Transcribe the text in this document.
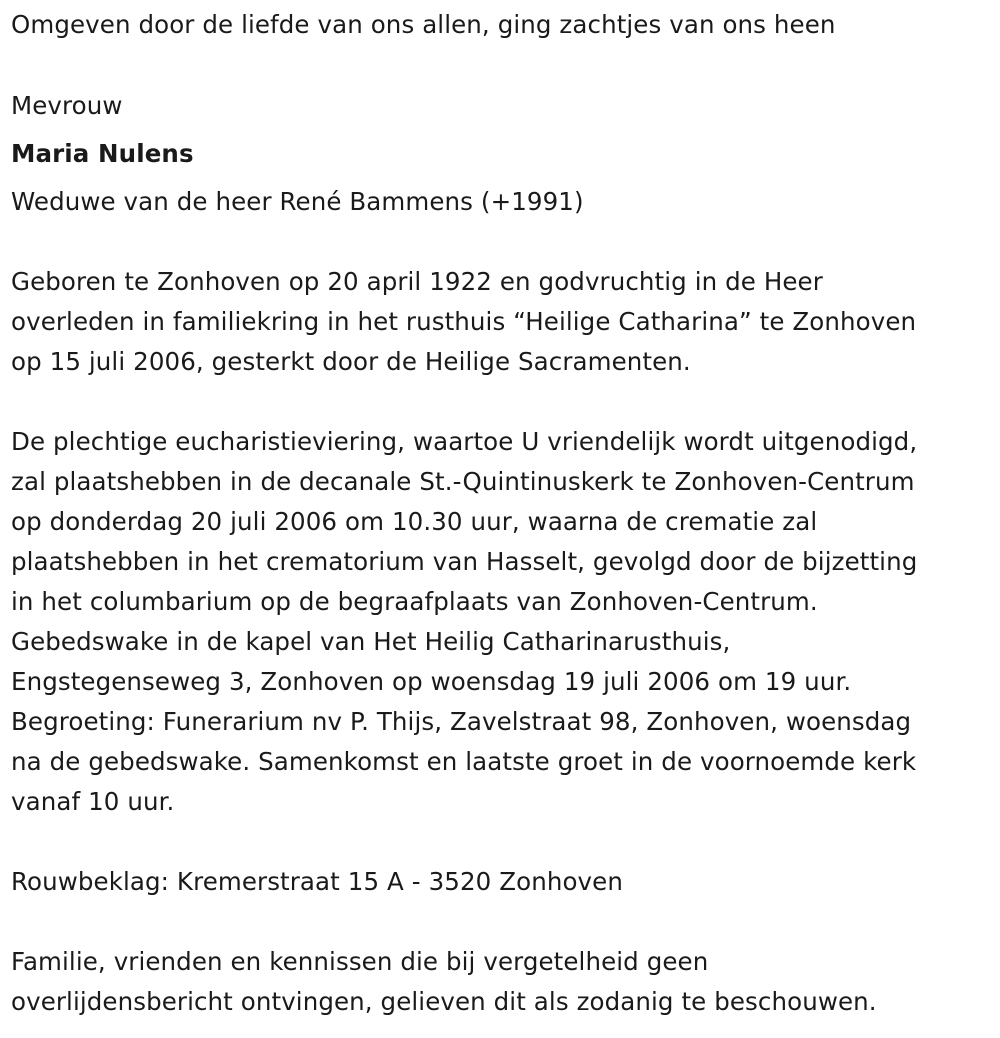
Omgeven door de liefde van ons allen, ging zachtjes van ons heen
Mevrouw
Maria Nulens
Weduwe van de heer René Bammens (+1991)
Geboren te Zonhoven op 20 april 1922 en godvruchtig in de Heer
overleden in familiekring in het rusthuis “Heilige Catharina” te Zonhoven
op 15 juli 2006, gesterkt door de Heilige Sacramenten.
De plechtige eucharistieviering, waartoe U vriendelijk wordt uitgenodigd,
zal plaatshebben in de decanale St.-Quintinuskerk te Zonhoven-Centrum
op donderdag 20 juli 2006 om 10.30 uur, waarna de crematie zal
plaatshebben in het crematorium van Hasselt, gevolgd door de bijzetting
in het columbarium op de begraafplaats van Zonhoven-Centrum.
Gebedswake in de kapel van Het Heilig Catharinarusthuis,
Engstegenseweg 3, Zonhoven op woensdag 19 juli 2006 om 19 uur.
Begroeting: Funerarium nv P. Thijs, Zavelstraat 98, Zonhoven, woensdag
na de gebedswake. Samenkomst en laatste groet in de voornoemde kerk
vanaf 10 uur.
Rouwbeklag: Kremerstraat 15 A - 3520 Zonhoven
Familie, vrienden en kennissen die bij vergetelheid geen
overlijdensbericht ontvingen, gelieven dit als zodanig te beschouwen.
